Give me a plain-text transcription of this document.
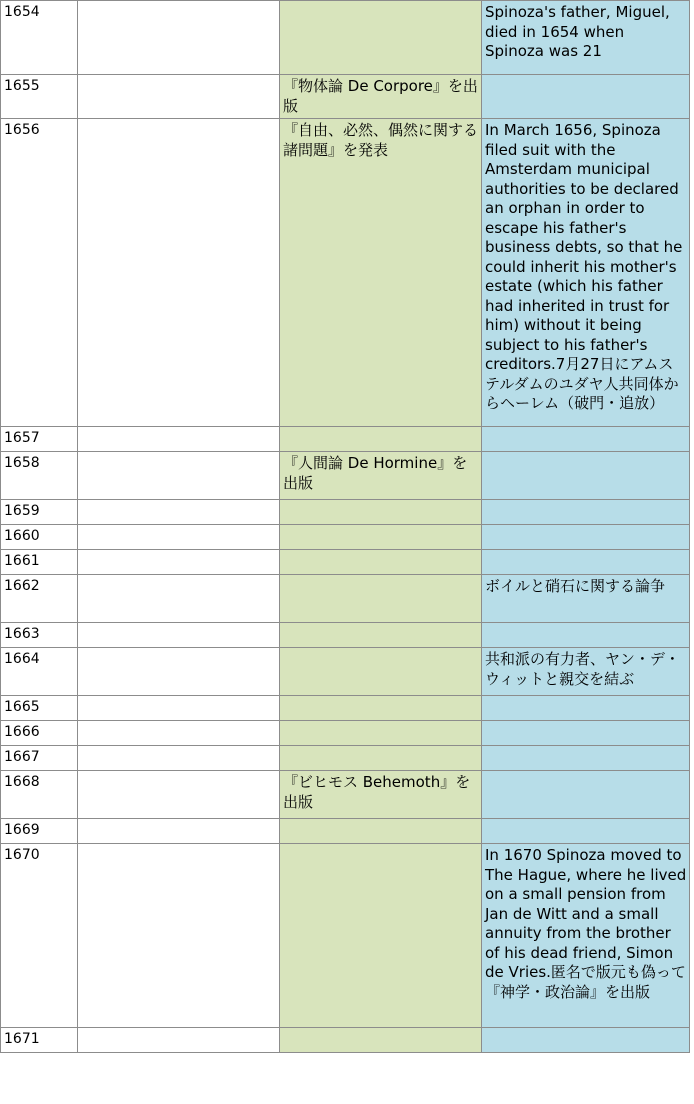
1654			Spinoza's father, Miguel, died in 1654 when Spinoza was 21
1655		『物体論 De Corpore』を出版	
1656		『自由、必然、偶然に関する諸問題』を発表	In March 1656, Spinoza filed suit with the Amsterdam municipal authorities to be declared an orphan in order to escape his father's business debts, so that he could inherit his mother's estate (which his father had inherited in trust for him) without it being subject to his father's creditors.7月27日にアムステルダムのユダヤ人共同体からヘーレム（破門・追放）
1657			
1658		『人間論 De Hormine』を出版	
1659			
1660			
1661			
1662			ボイルと硝石に関する論争
1663			
1664			共和派の有力者、ヤン・デ・ウィットと親交を結ぶ
1665			
1666			
1667			
1668		『ビヒモス Behemoth』を出版	
1669			
1670			In 1670 Spinoza moved to The Hague, where he lived on a small pension from Jan de Witt and a small annuity from the brother of his dead friend, Simon de Vries.匿名で版元も偽って『神学・政治論』を出版
1671			
